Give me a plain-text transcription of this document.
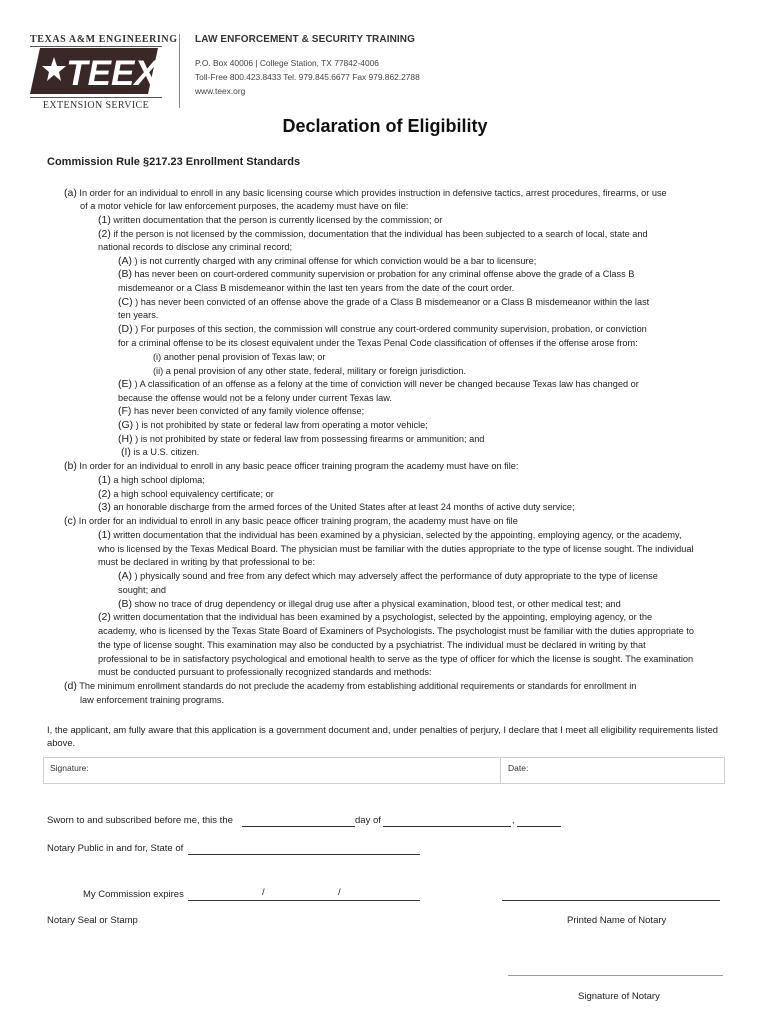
TEXAS A&M ENGINEERING
TEEX
EXTENSION SERVICE
LAW ENFORCEMENT & SECURITY TRAINING
P.O. Box 40006 | College Station, TX 77842-4006
Toll-Free 800.423.8433 Tel. 979.845.6677 Fax 979.862.2788
www.teex.org
Declaration of Eligibility
Commission Rule §217.23 Enrollment Standards
(a) In order for an individual to enroll in any basic licensing course which provides instruction in defensive tactics, arrest procedures, firearms, or use
of a motor vehicle for law enforcement purposes, the academy must have on file:
(1) written documentation that the person is currently licensed by the commission; or
(2) if the person is not licensed by the commission, documentation that the individual has been subjected to a search of local, state and
national records to disclose any criminal record;
(A) ) is not currently charged with any criminal offense for which conviction would be a bar to licensure;
(B) has never been on court-ordered community supervision or probation for any criminal offense above the grade of a Class B
misdemeanor or a Class B misdemeanor within the last ten years from the date of the court order.
(C) ) has never been convicted of an offense above the grade of a Class B misdemeanor or a Class B misdemeanor within the last
ten years.
(D) ) For purposes of this section, the commission will construe any court-ordered community supervision, probation, or conviction
for a criminal offense to be its closest equivalent under the Texas Penal Code classification of offenses if the offense arose from:
(i) another penal provision of Texas law; or
(ii) a penal provision of any other state, federal, military or foreign jurisdiction.
(E) ) A classification of an offense as a felony at the time of conviction will never be changed because Texas law has changed or
because the offense would not be a felony under current Texas law.
(F) has never been convicted of any family violence offense;
(G) ) is not prohibited by state or federal law from operating a motor vehicle;
(H) ) is not prohibited by state or federal law from possessing firearms or ammunition; and
(I) is a U.S. citizen.
(b) In order for an individual to enroll in any basic peace officer training program the academy must have on file:
(1) a high school diploma;
(2) a high school equivalency certificate; or
(3) an honorable discharge from the armed forces of the United States after at least 24 months of active duty service;
(c) In order for an individual to enroll in any basic peace officer training program, the academy must have on file
(1) written documentation that the individual has been examined by a physician, selected by the appointing, employing agency, or the academy,
who is licensed by the Texas Medical Board. The physician must be familiar with the duties appropriate to the type of license sought. The individual
must be declared in writing by that professional to be:
(A) ) physically sound and free from any defect which may adversely affect the performance of duty appropriate to the type of license
sought; and
(B) show no trace of drug dependency or illegal drug use after a physical examination, blood test, or other medical test; and
(2) written documentation that the individual has been examined by a psychologist, selected by the appointing, employing agency, or the
academy, who is licensed by the Texas State Board of Examiners of Psychologists. The psychologist must be familiar with the duties appropriate to
the type of license sought. This examination may also be conducted by a psychiatrist. The individual must be declared in writing by that
professional to be in satisfactory psychological and emotional health to serve as the type of officer for which the license is sought. The examination
must be conducted pursuant to professionally recognized standards and methods:
(d) The minimum enrollment standards do not preclude the academy from establishing additional requirements or standards for enrollment in
law enforcement training programs.
I, the applicant, am fully aware that this application is a government document and, under penalties of perjury, I declare that I meet all eligibility requirements listed above.
Signature:	Date:
Sworn to and subscribed before me, this the	day of	,
Notary Public in and for, State of
My Commission expires	/	/
Notary Seal or Stamp	Printed Name of Notary
Signature of Notary
